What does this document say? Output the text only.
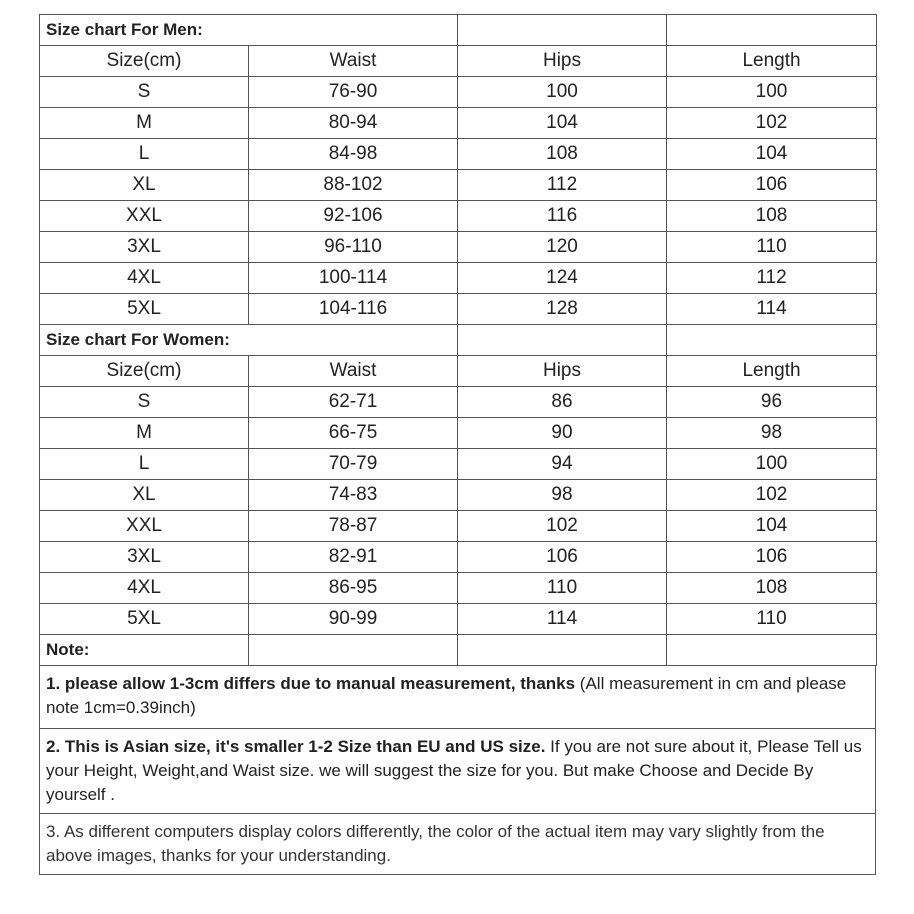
Size chart For Men:			
Size(cm)	Waist	Hips	Length
S	76-90	100	100
M	80-94	104	102
L	84-98	108	104
XL	88-102	112	106
XXL	92-106	116	108
3XL	96-110	120	110
4XL	100-114	124	112
5XL	104-116	128	114
Size chart For Women:			
Size(cm)	Waist	Hips	Length
S	62-71	86	96
M	66-75	90	98
L	70-79	94	100
XL	74-83	98	102
XXL	78-87	102	104
3XL	82-91	106	106
4XL	86-95	110	108
5XL	90-99	114	110
Note:			
1. please allow 1-3cm differs due to manual measurement, thanks (All measurement in cm and please note 1cm=0.39inch)
2. This is Asian size, it's smaller 1-2 Size than EU and US size. If you are not sure about it, Please Tell us your Height, Weight,and Waist size. we will suggest the size for you. But make Choose and Decide By yourself .
3. As different computers display colors differently, the color of the actual item may vary slightly from the above images, thanks for your understanding.
